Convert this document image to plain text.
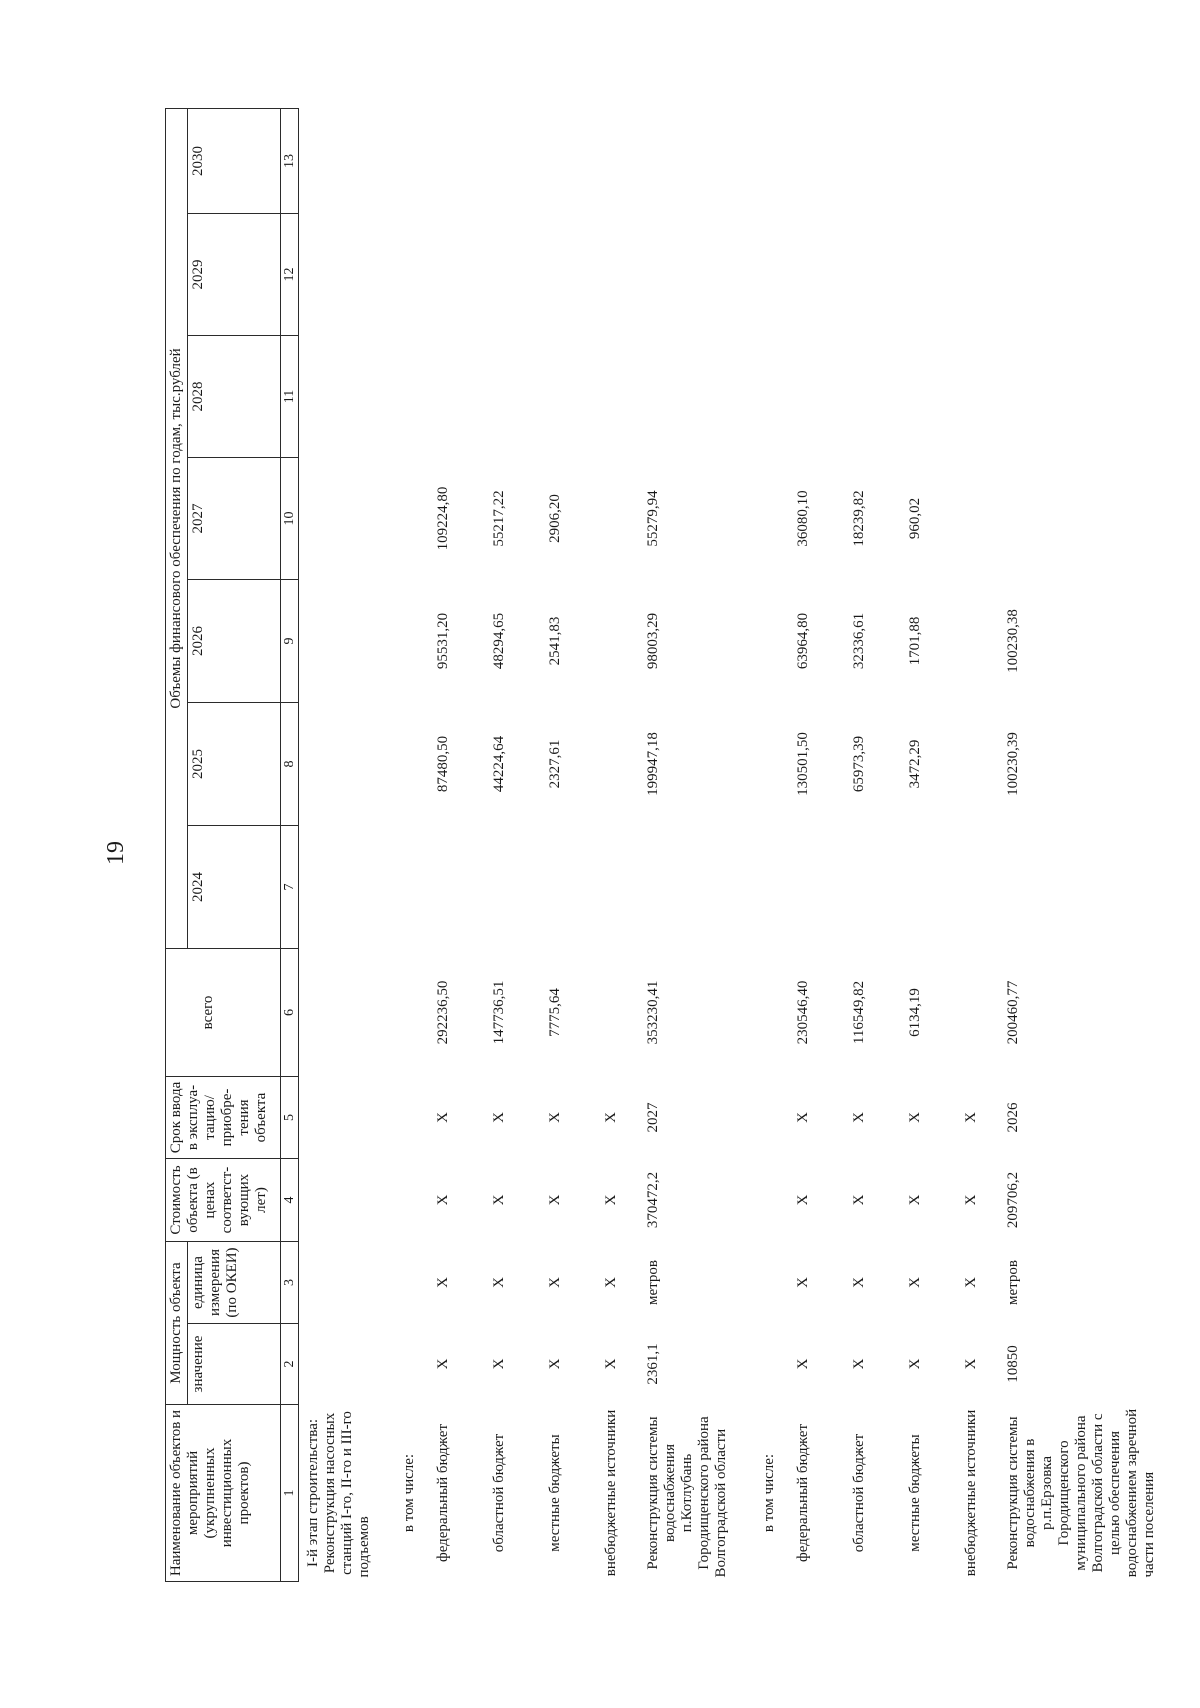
19
Наименование объектов и мероприятий (укрупненных инвестиционных проектов)	Мощность объекта		Стоимость объекта (в ценах соответст-вующих лет)	Срок ввода в эксплуа-тацию/ приобре-тения объекта		Объемы финансового обеспечения по годам, тыс.рублей						
	значение	единица измерения (по ОКЕИ)			всего	2024	2025	2026	2027	2028	2029	2030
1	2	3	4	5	6	7	8	9	10	11	12	13
I-й этап строительства: Реконструкция насосных станций I-го, II-го и III-го подъемов												
в том числе:												
федеральный бюджет	X	X	X	X	292236,50		87480,50	95531,20	109224,80			
областной бюджет	X	X	X	X	147736,51		44224,64	48294,65	55217,22			
местные бюджеты	X	X	X	X	7775,64		2327,61	2541,83	2906,20			
внебюджетные источники	X	X	X	X								
Реконструкция системы водоснабжения п.Котлубань Городищенского района Волгоградской области	2361,1	метров	370472,2	2027	353230,41		199947,18	98003,29	55279,94			
в том числе:												
федеральный бюджет	X	X	X	X	230546,40		130501,50	63964,80	36080,10			
областной бюджет	X	X	X	X	116549,82		65973,39	32336,61	18239,82			
местные бюджеты	X	X	X	X	6134,19		3472,29	1701,88	960,02			
внебюджетные источники	X	X	X	X								
Реконструкция системы водоснабжения в р.п.Ерзовка Городищенского муниципального района Волгоградской области с целью обеспечения водоснабжением заречной части поселения	10850	метров	209706,2	2026	200460,77		100230,39	100230,38				
